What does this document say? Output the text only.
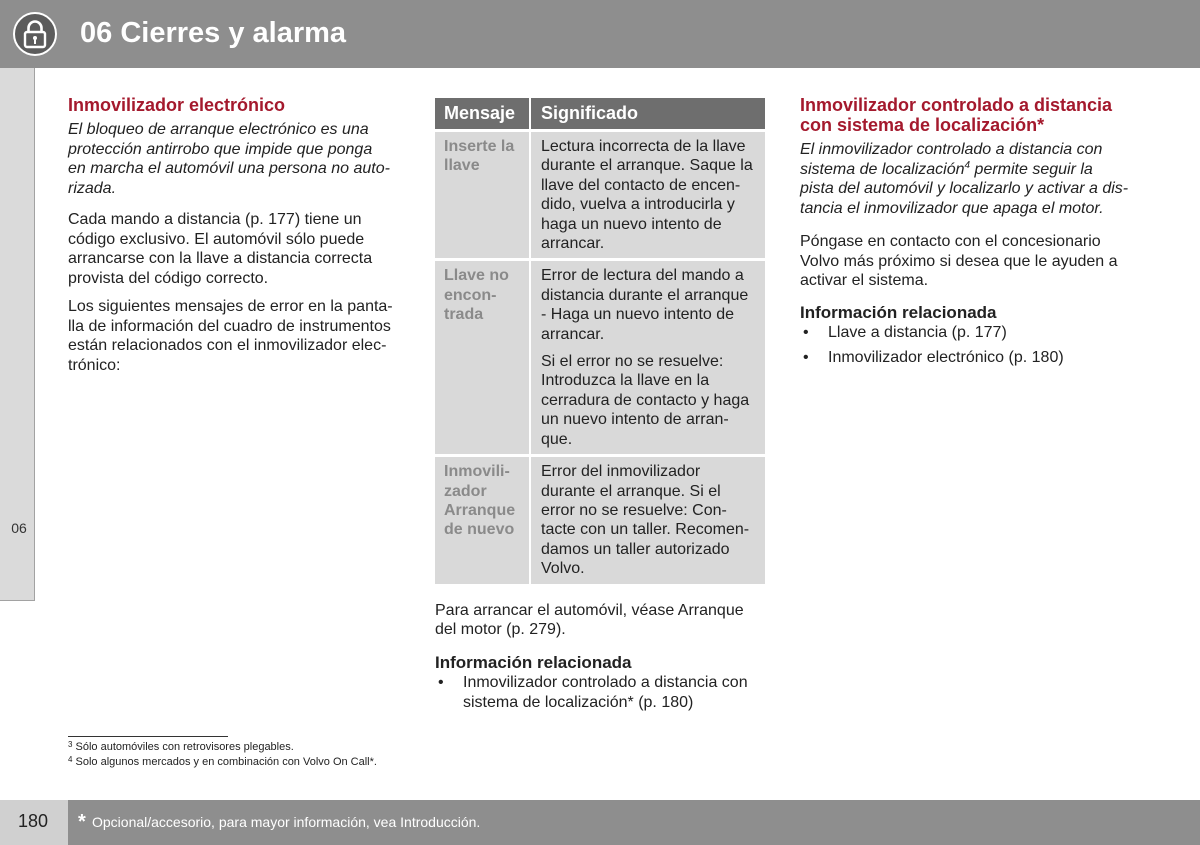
06 Cierres y alarma
06
Inmovilizador electrónico
El bloqueo de arranque electrónico es una
protección antirrobo que impide que ponga
en marcha el automóvil una persona no auto-
rizada.
Cada mando a distancia (p. 177) tiene un
código exclusivo. El automóvil sólo puede
arrancarse con la llave a distancia correcta
provista del código correcto.
Los siguientes mensajes de error en la panta-
lla de información del cuadro de instrumentos
están relacionados con el inmovilizador elec-
trónico:
Mensaje	Significado
Inserte la
llave
Lectura incorrecta de la llave
durante el arranque. Saque la
llave del contacto de encen-
dido, vuelva a introducirla y
haga un nuevo intento de
arrancar.
Llave no
encon-
trada
Error de lectura del mando a
distancia durante el arranque
- Haga un nuevo intento de
arrancar.
Si el error no se resuelve:
Introduzca la llave en la
cerradura de contacto y haga
un nuevo intento de arran-
que.
Inmovili-
zador
Arranque
de nuevo
Error del inmovilizador
durante el arranque. Si el
error no se resuelve: Con-
tacte con un taller. Recomen-
damos un taller autorizado
Volvo.
Para arrancar el automóvil, véase Arranque
del motor (p. 279).
Información relacionada
• Inmovilizador controlado a distancia con
sistema de localización* (p. 180)
Inmovilizador controlado a distancia
con sistema de localización*
El inmovilizador controlado a distancia con
sistema de localización$^4$ permite seguir la
pista del automóvil y localizarlo y activar a dis-
tancia el inmovilizador que apaga el motor.
Póngase en contacto con el concesionario
Volvo más próximo si desea que le ayuden a
activar el sistema.
Información relacionada
• Llave a distancia (p. 177)
• Inmovilizador electrónico (p. 180)
$^3$ Sólo automóviles con retrovisores plegables.
$^4$ Solo algunos mercados y en combinación con Volvo On Call*.
180	* Opcional/accesorio, para mayor información, vea Introducción.
